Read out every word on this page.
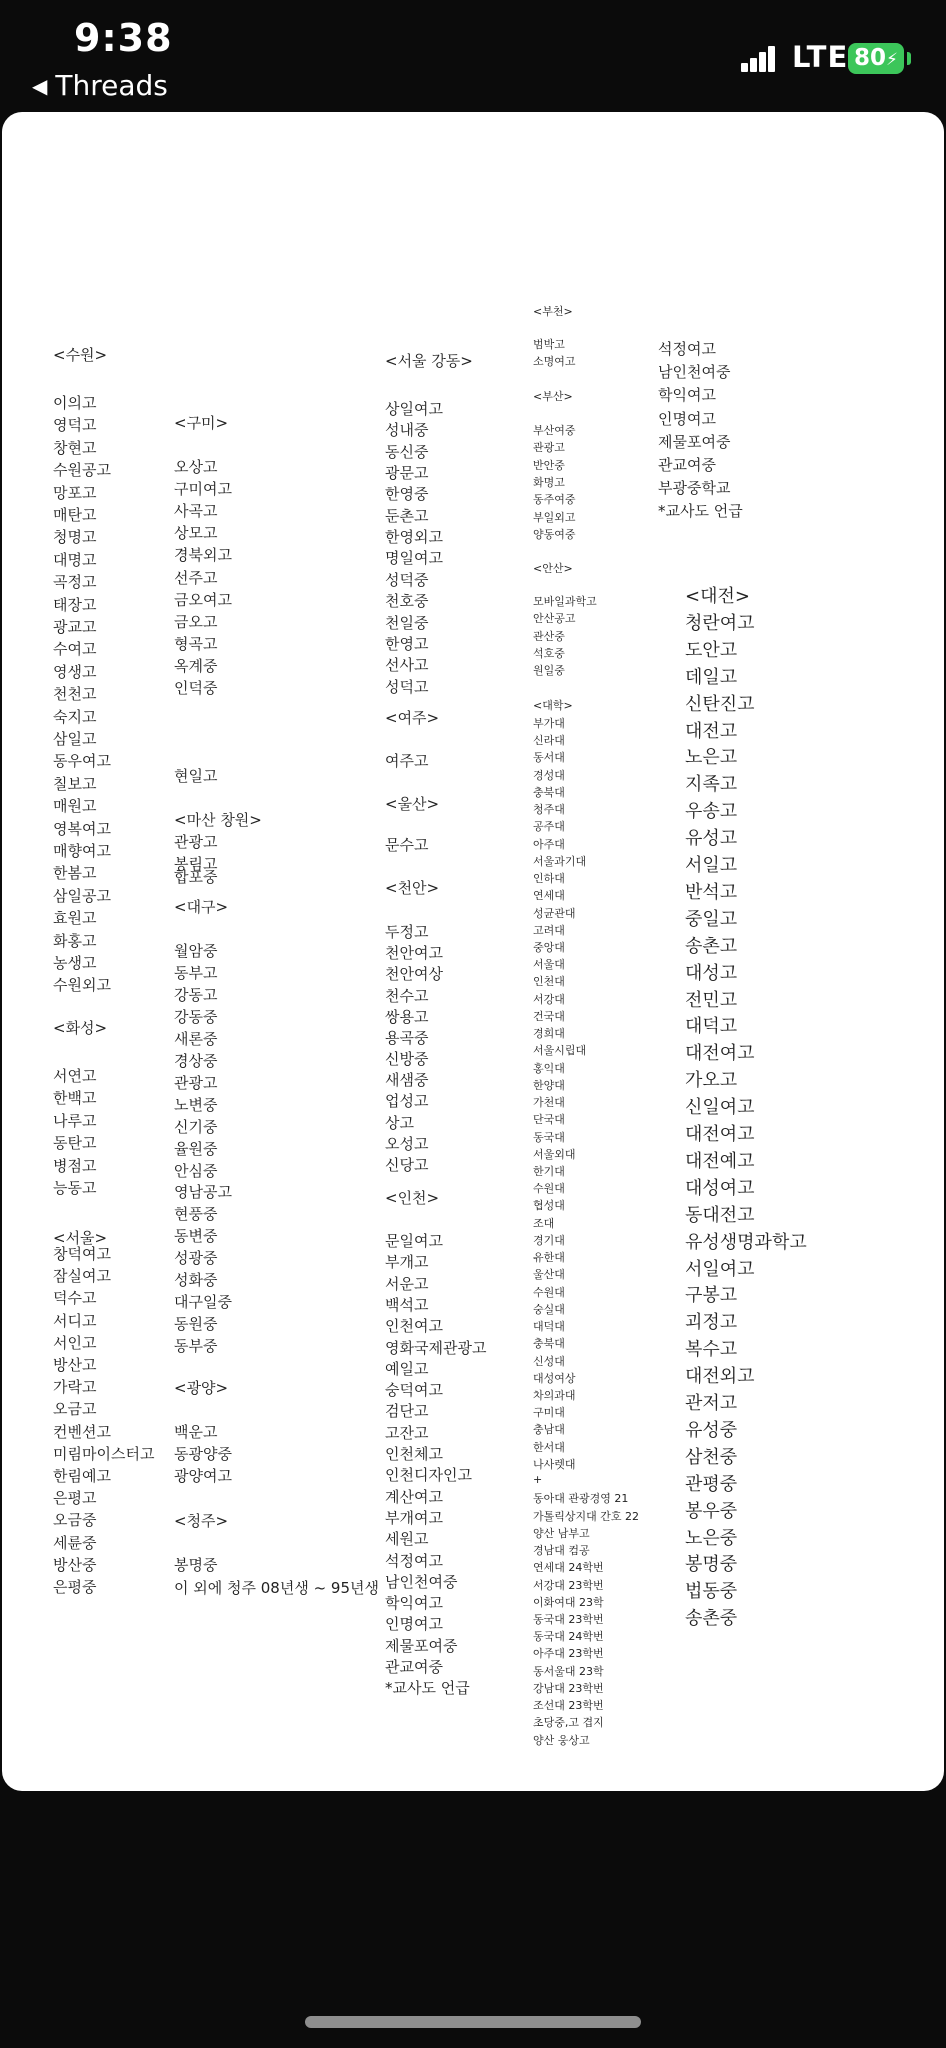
9:38
◀ Threads
LTE 80⚡
<수원>
이의고
영덕고
창현고
수원공고
망포고
매탄고
청명고
대명고
곡정고
태장고
광교고
수여고
영생고
천천고
숙지고
삼일고
동우여고
칠보고
매원고
영복여고
매향여고
한봄고
삼일공고
효원고
화홍고
농생고
수원외고
<화성>
서연고
한백고
나루고
동탄고
병점고
능동고
<서울>
창덕여고
잠실여고
덕수고
서디고
서인고
방산고
가락고
오금고
컨벤션고
미림마이스터고
한림예고
은평고
오금중
세륜중
방산중
은평중
<구미>
오상고
구미여고
사곡고
상모고
경북외고
선주고
금오여고
금오고
형곡고
옥계중
인덕중
현일고
<마산 창원>
관광고
봉림고
합포중
<대구>
월암중
동부고
강동고
강동중
새론중
경상중
관광고
노변중
신기중
율원중
안심중
영남공고
현풍중
동변중
성광중
성화중
대구일중
동원중
동부중
<광양>
백운고
동광양중
광양여고
<청주>
봉명중
이 외에 청주 08년생 ~ 95년생
<서울 강동>
상일여고
성내중
동신중
광문고
한영중
둔촌고
한영외고
명일여고
성덕중
천호중
천일중
한영고
선사고
성덕고
<여주>
여주고
<울산>
문수고
<천안>
두정고
천안여고
천안여상
천수고
쌍용고
용곡중
신방중
새샘중
업성고
상고
오성고
신당고
<인천>
문일여고
부개고
서운고
백석고
인천여고
영화국제관광고
예일고
숭덕여고
검단고
고잔고
인천체고
인천디자인고
계산여고
부개여고
세원고
석정여고
남인천여중
학익여고
인명여고
제물포여중
관교여중
*교사도 언급
<부천>
범박고
소명여고
<부산>
부산여중
관광고
반안중
화명고
동주여중
부일외고
양동여중
<안산>
모바일과학고
안산공고
관산중
석호중
원일중
<대학>
부가대
신라대
동서대
경성대
충북대
청주대
공주대
아주대
서울과기대
인하대
연세대
성균관대
고려대
중앙대
서울대
인천대
서강대
건국대
경희대
서울시립대
홍익대
한양대
가천대
단국대
동국대
서울외대
한기대
수원대
협성대
조대
경기대
유한대
울산대
수원대
숭실대
대덕대
충북대
신성대
대성여상
차의과대
구미대
충남대
한서대
나사렛대
+
동아대 관광경영 21
가톨릭상지대 간호 22
양산 남부고
경남대 컴공
연세대 24학번
서강대 23학번
이화여대 23학
동국대 23학번
동국대 24학번
아주대 23학번
동서울대 23학
강남대 23학번
조선대 23학번
초당중,고 겹지
양산 웅상고
석정여고
남인천여중
학익여고
인명여고
제물포여중
관교여중
부광중학교
*교사도 언급
<대전>
청란여고
도안고
데일고
신탄진고
대전고
노은고
지족고
우송고
유성고
서일고
반석고
중일고
송촌고
대성고
전민고
대덕고
대전여고
가오고
신일여고
대전여고
대전예고
대성여고
동대전고
유성생명과학고
서일여고
구봉고
괴정고
복수고
대전외고
관저고
유성중
삼천중
관평중
봉우중
노은중
봉명중
법동중
송촌중
